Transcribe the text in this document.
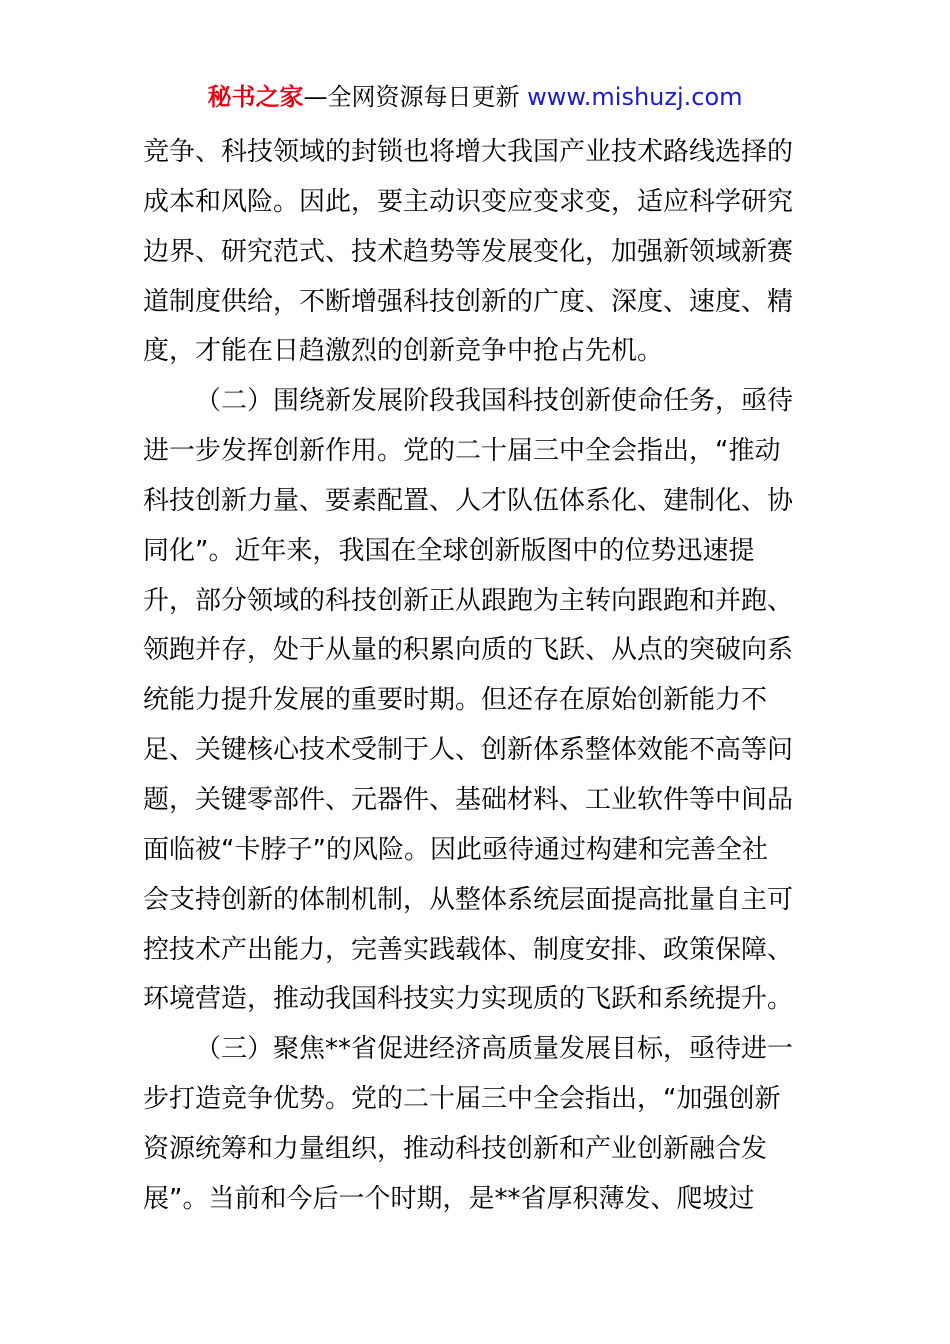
秘书之家—全网资源每日更新 www.mishuzj.com
竞争、科技领域的封锁也将增大我国产业技术路线选择的
成本和风险。因此，要主动识变应变求变，适应科学研究
边界、研究范式、技术趋势等发展变化，加强新领域新赛
道制度供给，不断增强科技创新的广度、深度、速度、精
度，才能在日趋激烈的创新竞争中抢占先机。
（二）围绕新发展阶段我国科技创新使命任务，亟待
进一步发挥创新作用。党的二十届三中全会指出，“推动
科技创新力量、要素配置、人才队伍体系化、建制化、协
同化”。近年来，我国在全球创新版图中的位势迅速提
升，部分领域的科技创新正从跟跑为主转向跟跑和并跑、
领跑并存，处于从量的积累向质的飞跃、从点的突破向系
统能力提升发展的重要时期。但还存在原始创新能力不
足、关键核心技术受制于人、创新体系整体效能不高等问
题，关键零部件、元器件、基础材料、工业软件等中间品
面临被“卡脖子”的风险。因此亟待通过构建和完善全社
会支持创新的体制机制，从整体系统层面提高批量自主可
控技术产出能力，完善实践载体、制度安排、政策保障、
环境营造，推动我国科技实力实现质的飞跃和系统提升。
（三）聚焦**省促进经济高质量发展目标，亟待进一
步打造竞争优势。党的二十届三中全会指出，“加强创新
资源统筹和力量组织，推动科技创新和产业创新融合发
展”。当前和今后一个时期，是**省厚积薄发、爬坡过
